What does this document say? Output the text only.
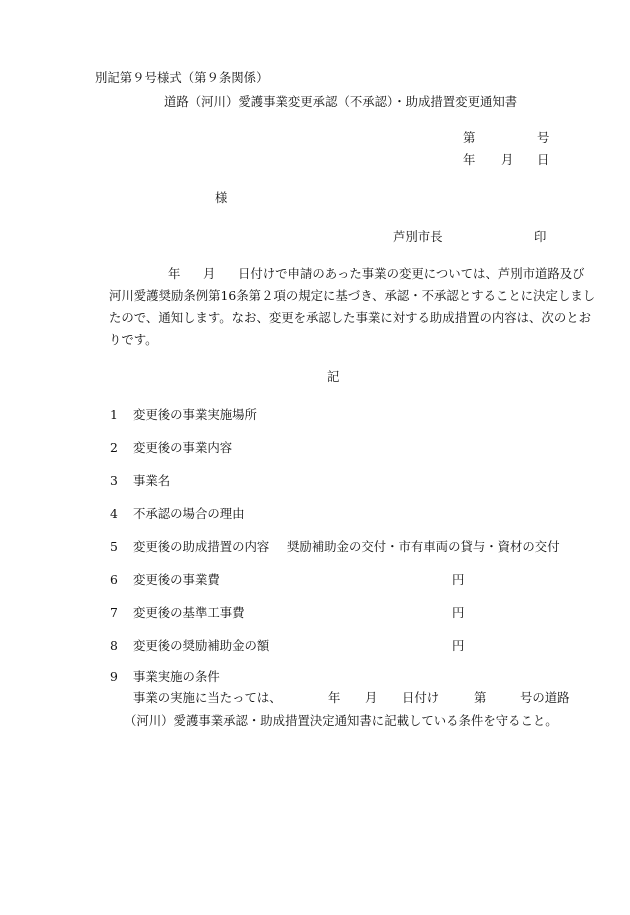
別記第９号様式（第９条関係）
道路（河川）愛護事業変更承認（不承認）・助成措置変更通知書
第	号
年 月 日
様
芦別市長	印
年 月 日付けで申請のあった事業の変更については、芦別市道路及び
河川愛護奨励条例第16条第２項の規定に基づき、承認・不承認とすることに決定しまし
たので、通知します。なお、変更を承認した事業に対する助成措置の内容は、次のとお
りです。
記
1 変更後の事業実施場所
2 変更後の事業内容
3 事業名
4 不承認の場合の理由
5 変更後の助成措置の内容 奨励補助金の交付・市有車両の貸与・資材の交付
6 変更後の事業費	円
7 変更後の基準工事費	円
8 変更後の奨励補助金の額	円
9 事業実施の条件
事業の実施に当たっては、	年 月 日付け	第	号の道路
（河川）愛護事業承認・助成措置決定通知書に記載している条件を守ること。
